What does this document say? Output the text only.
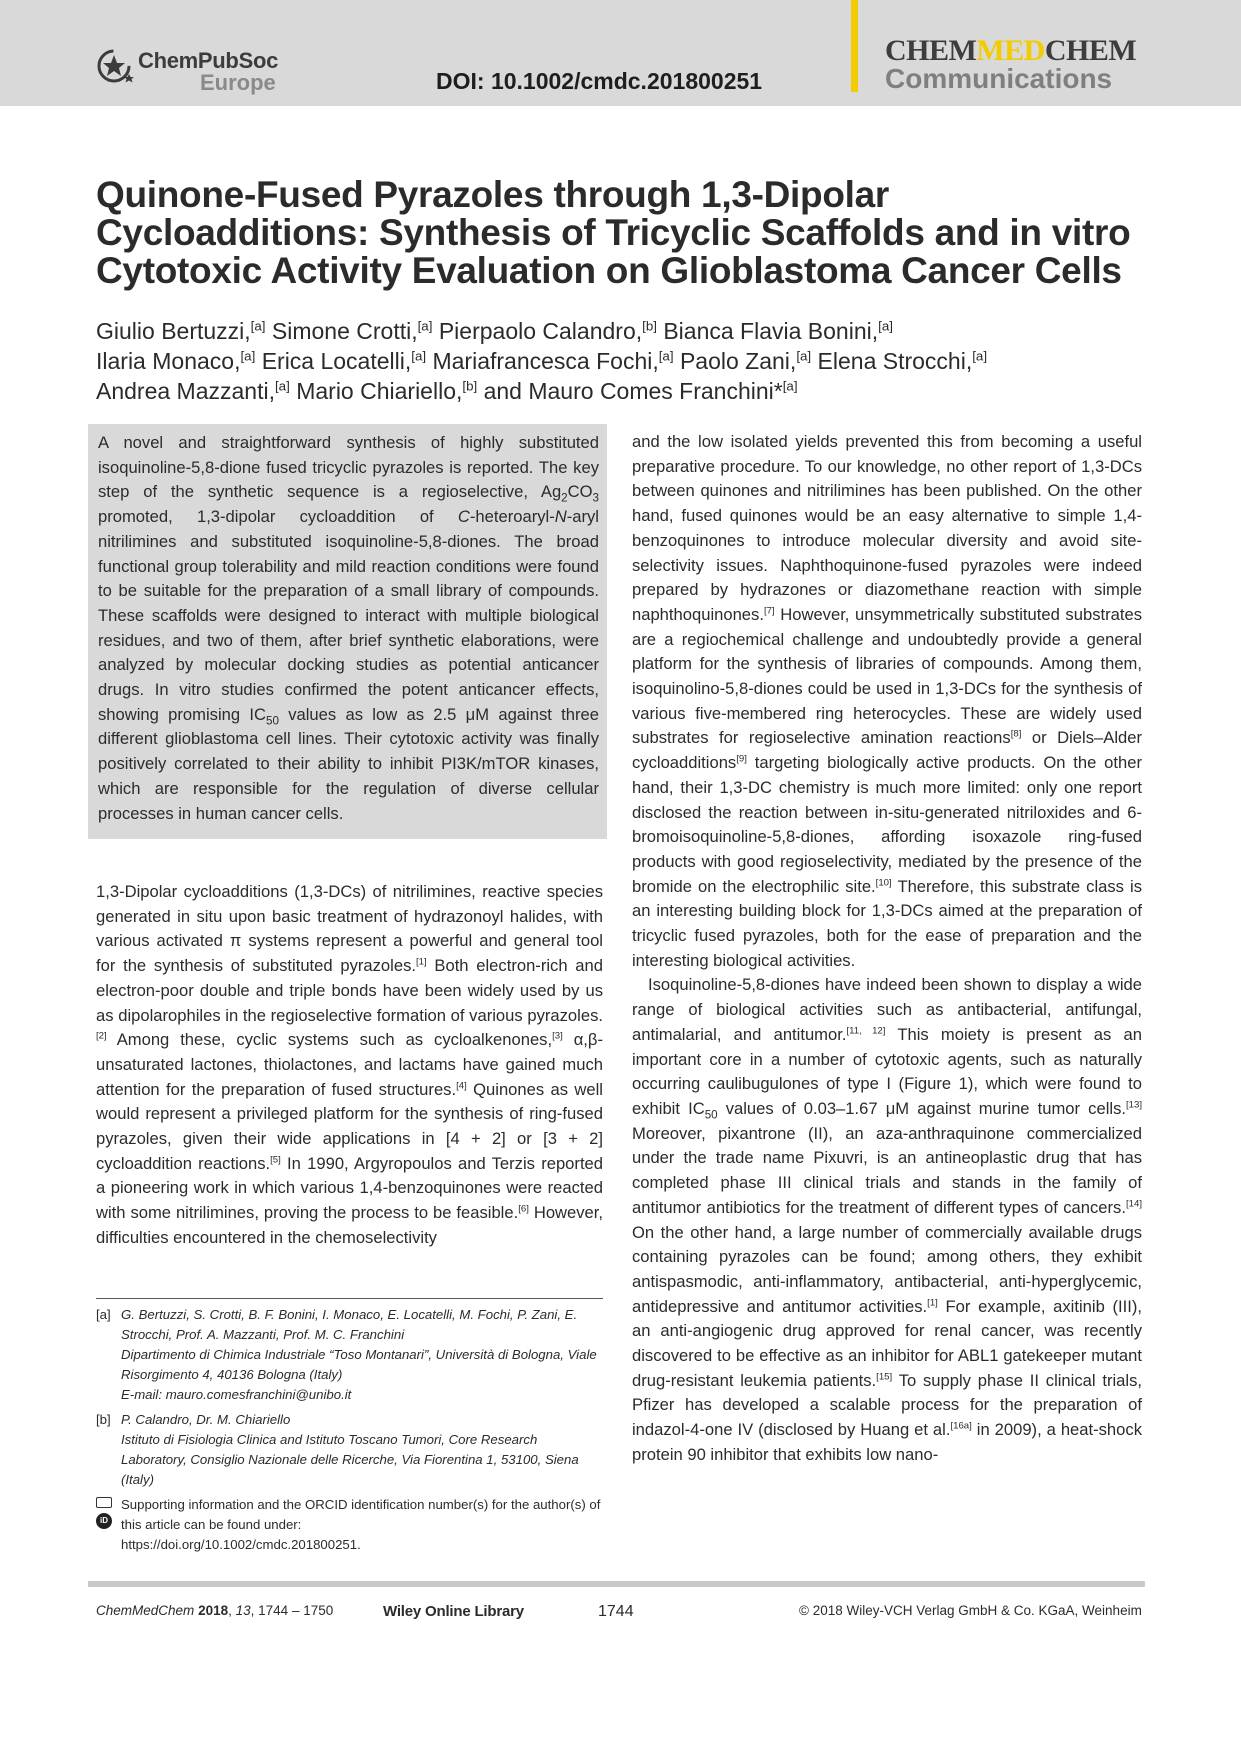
ChemPubSoc
Europe	DOI: 10.1002/cmdc.201800251
CHEMMEDCHEM
Communications
Quinone-Fused Pyrazoles through 1,3-Dipolar Cycloadditions: Synthesis of Tricyclic Scaffolds and in vitro Cytotoxic Activity Evaluation on Glioblastoma Cancer Cells
Giulio Bertuzzi,[a] Simone Crotti,[a] Pierpaolo Calandro,[b] Bianca Flavia Bonini,[a]
Ilaria Monaco,[a] Erica Locatelli,[a] Mariafrancesca Fochi,[a] Paolo Zani,[a] Elena Strocchi,[a]
Andrea Mazzanti,[a] Mario Chiariello,[b] and Mauro Comes Franchini*[a]
A novel and straightforward synthesis of highly substituted isoquinoline-5,8-dione fused tricyclic pyrazoles is reported. The key step of the synthetic sequence is a regioselective, $Ag_2CO_3$ promoted, 1,3-dipolar cycloaddition of C-heteroaryl-N-aryl nitrilimines and substituted isoquinoline-5,8-diones. The broad functional group tolerability and mild reaction conditions were found to be suitable for the preparation of a small library of compounds. These scaffolds were designed to interact with multiple biological residues, and two of them, after brief synthetic elaborations, were analyzed by molecular docking studies as potential anticancer drugs. In vitro studies confirmed the potent anticancer effects, showing promising $IC_{50}$ values as low as 2.5 μM against three different glioblastoma cell lines. Their cytotoxic activity was finally positively correlated to their ability to inhibit PI3K/mTOR kinases, which are responsible for the regulation of diverse cellular processes in human cancer cells.

1,3-Dipolar cycloadditions (1,3-DCs) of nitrilimines, reactive species generated in situ upon basic treatment of hydrazonoyl halides, with various activated π systems represent a powerful and general tool for the synthesis of substituted pyrazoles.[1] Both electron-rich and electron-poor double and triple bonds have been widely used by us as dipolarophiles in the regioselective formation of various pyrazoles.[2] Among these, cyclic systems such as cycloalkenones,[3] α,β-unsaturated lactones, thiolactones, and lactams have gained much attention for the preparation of fused structures.[4] Quinones as well would represent a privileged platform for the synthesis of ring-fused pyrazoles, given their wide applications in [4 + 2] or [3 + 2] cycloaddition reactions.[5] In 1990, Argyropoulos and Terzis reported a pioneering work in which various 1,4-benzoquinones were reacted with some nitrilimines, proving the process to be feasible.[6] However, difficulties encountered in the chemoselectivity

and the low isolated yields prevented this from becoming a useful preparative procedure. To our knowledge, no other report of 1,3-DCs between quinones and nitrilimines has been published. On the other hand, fused quinones would be an easy alternative to simple 1,4-benzoquinones to introduce molecular diversity and avoid site-selectivity issues. Naphthoquinone-fused pyrazoles were indeed prepared by hydrazones or diazomethane reaction with simple naphthoquinones.[7] However, unsymmetrically substituted substrates are a regiochemical challenge and undoubtedly provide a general platform for the synthesis of libraries of compounds. Among them, isoquinolino-5,8-diones could be used in 1,3-DCs for the synthesis of various five-membered ring heterocycles. These are widely used substrates for regioselective amination reactions[8] or Diels–Alder cycloadditions[9] targeting biologically active products. On the other hand, their 1,3-DC chemistry is much more limited: only one report disclosed the reaction between in-situ-generated nitriloxides and 6-bromoisoquinoline-5,8-diones, affording isoxazole ring-fused products with good regioselectivity, mediated by the presence of the bromide on the electrophilic site.[10] Therefore, this substrate class is an interesting building block for 1,3-DCs aimed at the preparation of tricyclic fused pyrazoles, both for the ease of preparation and the interesting biological activities.

Isoquinoline-5,8-diones have indeed been shown to display a wide range of biological activities such as antibacterial, antifungal, antimalarial, and antitumor.[11, 12] This moiety is present as an important core in a number of cytotoxic agents, such as naturally occurring caulibugulones of type I (Figure 1), which were found to exhibit $IC_{50}$ values of 0.03–1.67 μM against murine tumor cells.[13] Moreover, pixantrone (II), an aza-anthraquinone commercialized under the trade name Pixuvri, is an antineoplastic drug that has completed phase III clinical trials and stands in the family of antitumor antibiotics for the treatment of different types of cancers.[14] On the other hand, a large number of commercially available drugs containing pyrazoles can be found; among others, they exhibit antispasmodic, anti-inflammatory, antibacterial, anti-hyperglycemic, antidepressive and antitumor activities.[1] For example, axitinib (III), an anti-angiogenic drug approved for renal cancer, was recently discovered to be effective as an inhibitor for ABL1 gatekeeper mutant drug-resistant leukemia patients.[15] To supply phase II clinical trials, Pfizer has developed a scalable process for the preparation of indazol-4-one IV (disclosed by Huang et al.[16a] in 2009), a heat-shock protein 90 inhibitor that exhibits low nano-

[a] G. Bertuzzi, S. Crotti, B. F. Bonini, I. Monaco, E. Locatelli, M. Fochi, P. Zani, E. Strocchi, Prof. A. Mazzanti, Prof. M. C. Franchini
Dipartimento di Chimica Industriale “Toso Montanari”, Università di Bologna, Viale Risorgimento 4, 40136 Bologna (Italy)
E-mail: mauro.comesfranchini@unibo.it
[b] P. Calandro, Dr. M. Chiariello
Istituto di Fisiologia Clinica and Istituto Toscano Tumori, Core Research Laboratory, Consiglio Nazionale delle Ricerche, Via Fiorentina 1, 53100, Siena (Italy)
iD
Supporting information and the ORCID identification number(s) for the author(s) of this article can be found under:
https://doi.org/10.1002/cmdc.201800251.
ChemMedChem 2018, 13, 1744 – 1750	Wiley Online Library	1744	© 2018 Wiley-VCH Verlag GmbH & Co. KGaA, Weinheim
